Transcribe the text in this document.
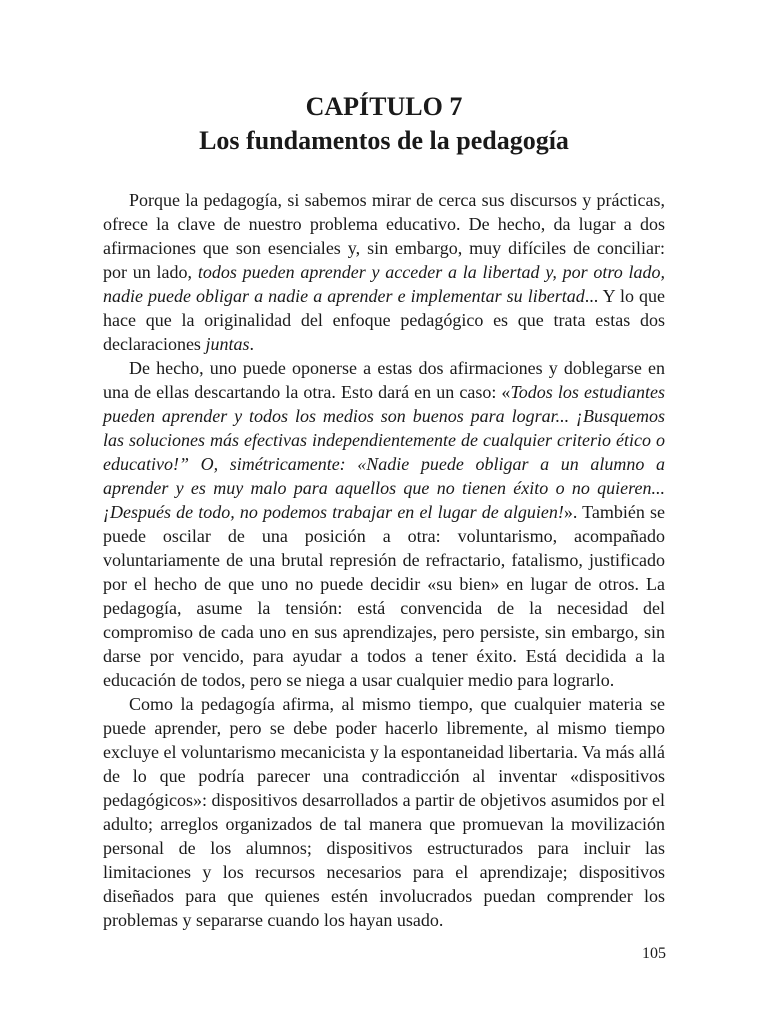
CAPÍTULO 7
Los fundamentos de la pedagogía

Porque la pedagogía, si sabemos mirar de cerca sus discursos y prácticas, ofrece la clave de nuestro problema educativo. De hecho, da lugar a dos afirmaciones que son esenciales y, sin embargo, muy difíciles de conciliar: por un lado, todos pueden aprender y acceder a la libertad y, por otro lado, nadie puede obligar a nadie a aprender e implementar su libertad... Y lo que hace que la originalidad del enfoque pedagógico es que trata estas dos declaraciones juntas.

De hecho, uno puede oponerse a estas dos afirmaciones y doblegarse en una de ellas descartando la otra. Esto dará en un caso: «Todos los estudiantes pueden aprender y todos los medios son buenos para lograr... ¡Busquemos las soluciones más efectivas independientemente de cualquier criterio ético o educativo!” O, simétricamente: «Nadie puede obligar a un alumno a aprender y es muy malo para aquellos que no tienen éxito o no quieren... ¡Después de todo, no podemos trabajar en el lugar de alguien!». También se puede oscilar de una posición a otra: voluntarismo, acompañado voluntariamente de una brutal represión de refractario, fatalismo, justificado por el hecho de que uno no puede decidir «su bien» en lugar de otros. La pedagogía, asume la tensión: está convencida de la necesidad del compromiso de cada uno en sus aprendizajes, pero persiste, sin embargo, sin darse por vencido, para ayudar a todos a tener éxito. Está decidida a la educación de todos, pero se niega a usar cualquier medio para lograrlo.

Como la pedagogía afirma, al mismo tiempo, que cualquier materia se puede aprender, pero se debe poder hacerlo libremente, al mismo tiempo excluye el voluntarismo mecanicista y la espontaneidad libertaria. Va más allá de lo que podría parecer una contradicción al inventar «dispositivos pedagógicos»: dispositivos desarrollados a partir de objetivos asumidos por el adulto; arreglos organizados de tal manera que promuevan la movilización personal de los alumnos; dispositivos estructurados para incluir las limitaciones y los recursos necesarios para el aprendizaje; dispositivos diseñados para que quienes estén involucrados puedan comprender los problemas y separarse cuando los hayan usado.

105
